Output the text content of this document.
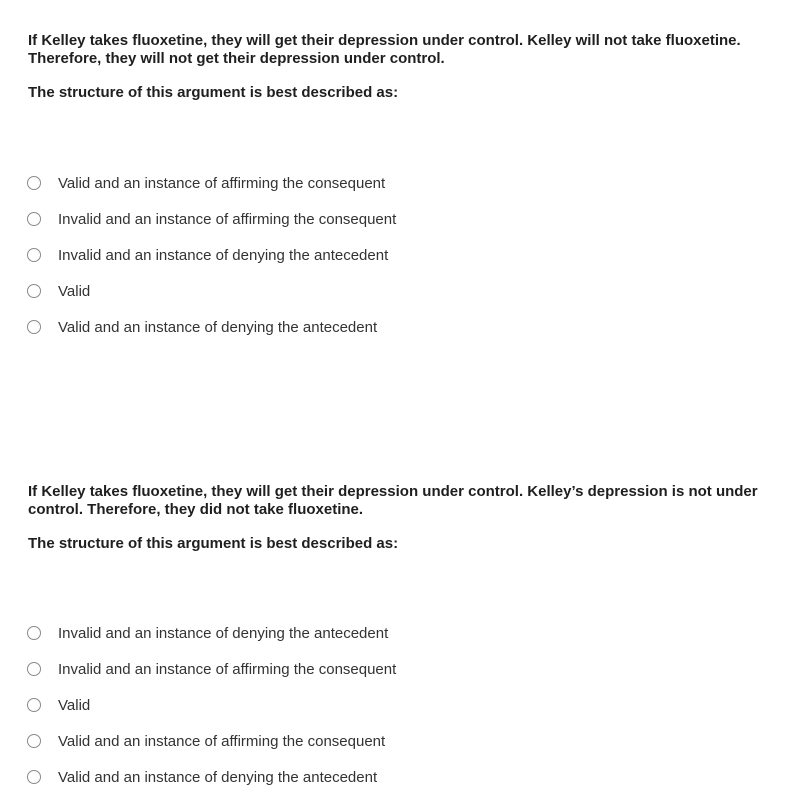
If Kelley takes fluoxetine, they will get their depression under control. Kelley will not take fluoxetine. Therefore, they will not get their depression under control.

The structure of this argument is best described as:

Valid and an instance of affirming the consequent
Invalid and an instance of affirming the consequent
Invalid and an instance of denying the antecedent
Valid
Valid and an instance of denying the antecedent

If Kelley takes fluoxetine, they will get their depression under control. Kelley’s depression is not under control. Therefore, they did not take fluoxetine.

The structure of this argument is best described as:

Invalid and an instance of denying the antecedent
Invalid and an instance of affirming the consequent
Valid
Valid and an instance of affirming the consequent
Valid and an instance of denying the antecedent
